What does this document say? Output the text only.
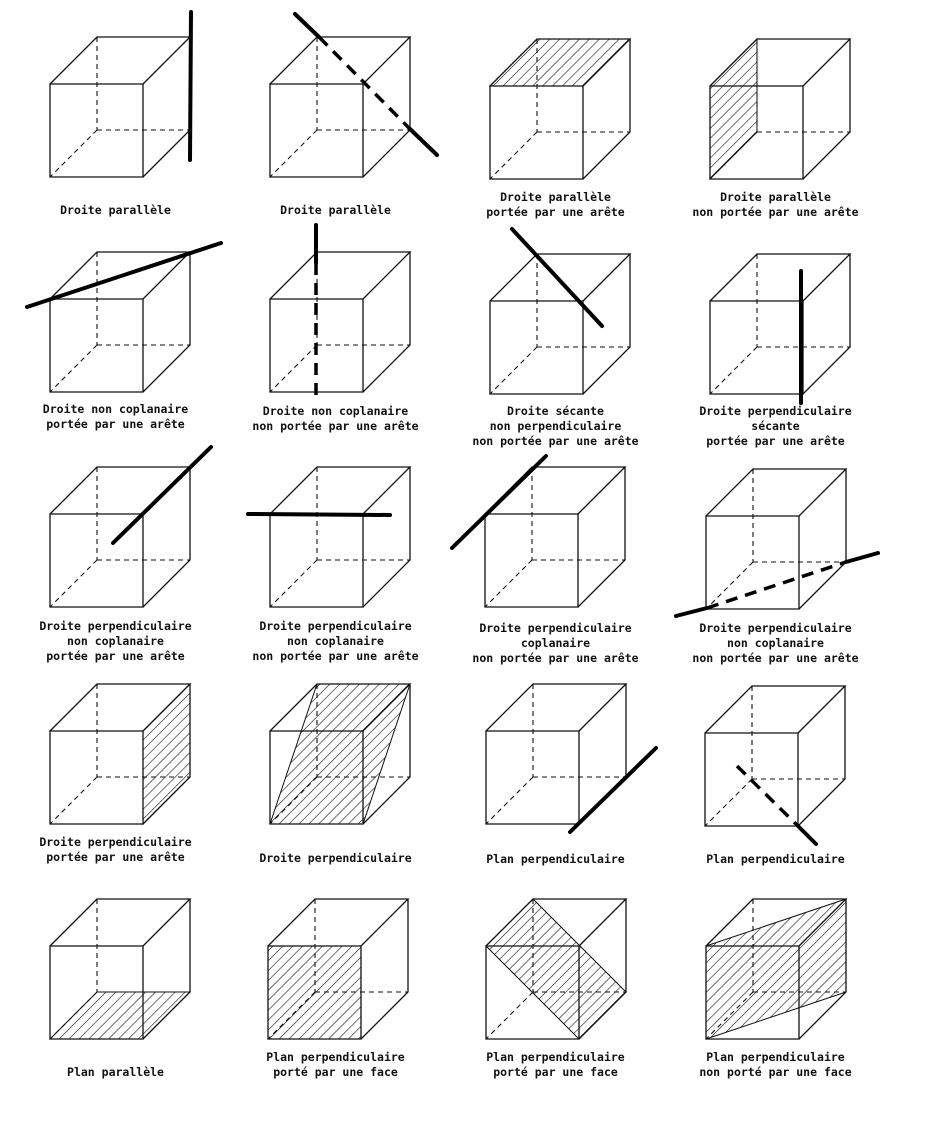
Droite parallèle	Droite parallèle
Droite parallèle
portée par une arête
Droite parallèle
non portée par une arête
Droite non coplanaire
portée par une arête
Droite non coplanaire
non portée par une arête
Droite sécante
non perpendiculaire
non portée par une arête
Droite perpendiculaire
sécante
portée par une arête
Droite perpendiculaire
non coplanaire
portée par une arête
Droite perpendiculaire
non coplanaire
non portée par une arête
Droite perpendiculaire
coplanaire
non portée par une arête
Droite perpendiculaire
non coplanaire
non portée par une arête
Droite perpendiculaire
portée par une arête	Droite perpendiculaire	Plan perpendiculaire	Plan perpendiculaire
Plan parallèle
Plan perpendiculaire
porté par une face
Plan perpendiculaire
porté par une face
Plan perpendiculaire
non porté par une face
